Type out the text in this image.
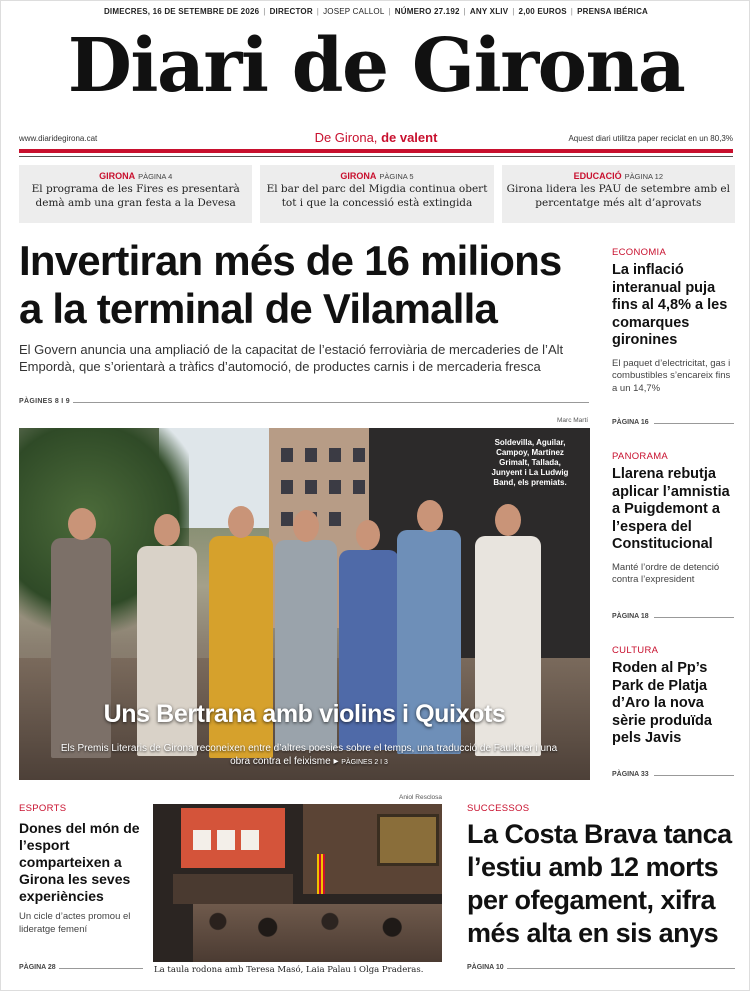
DIMECRES, 16 DE SETEMBRE DE 2026 | DIRECTOR | JOSEP CALLOL | NÚMERO 27.192 | ANY XLIV | 2,00 EUROS | PRENSA IBÉRICA
Diari de Girona
www.diaridegirona.cat	De Girona, de valent	Aquest diari utilitza paper reciclat en un 80,3%
GIRONA PÀGINA 4
El programa de les Fires es presentarà demà amb una gran festa a la Devesa
GIRONA PÀGINA 5
El bar del parc del Migdia continua obert tot i que la concessió està extingida
EDUCACIÓ PÀGINA 12
Girona lidera les PAU de setembre amb el percentatge més alt d’aprovats
Invertiran més de 16 milions a la terminal de Vilamalla

El Govern anuncia una ampliació de la capacitat de l’estació ferroviària de mercaderies de l’Alt Empordà, que s’orientarà a tràfics d’automoció, de productes carnis i de mercaderia fresca

PÀGINES 8 I 9
Marc Martí
Soldevilla, Aguilar, Campoy, Martínez Grimalt, Tallada, Junyent i La Ludwig Band, els premiats.
Uns Bertrana amb violins i Quixots
Els Premis Literaris de Girona reconeixen entre d’altres poesies sobre el temps, una traducció de Faulkner i una obra contra el feixisme ▸ PÀGINES 2 I 3
ECONOMIA
La inflació interanual puja fins al 4,8% a les comarques gironines
El paquet d’electricitat, gas i combustibles s’encareix fins a un 14,7%
PÀGINA 16
PANORAMA
Llarena rebutja aplicar l’amnistia a Puigdemont a l’espera del Constitucional
Manté l’ordre de detenció contra l’expresident
PÀGINA 18
CULTURA
Roden al Pp’s Park de Platja d’Aro la nova sèrie produïda pels Javis
PÀGINA 33
ESPORTS
Dones del món de l’esport comparteixen a Girona les seves experiències
Un cicle d’actes promou el lideratge femení
PÀGINA 28
Aniol Resclosa
La taula rodona amb Teresa Masó, Laia Palau i Olga Praderas.
SUCCESSOS
La Costa Brava tanca l’estiu amb 12 morts per ofegament, xifra més alta en sis anys
PÀGINA 10
